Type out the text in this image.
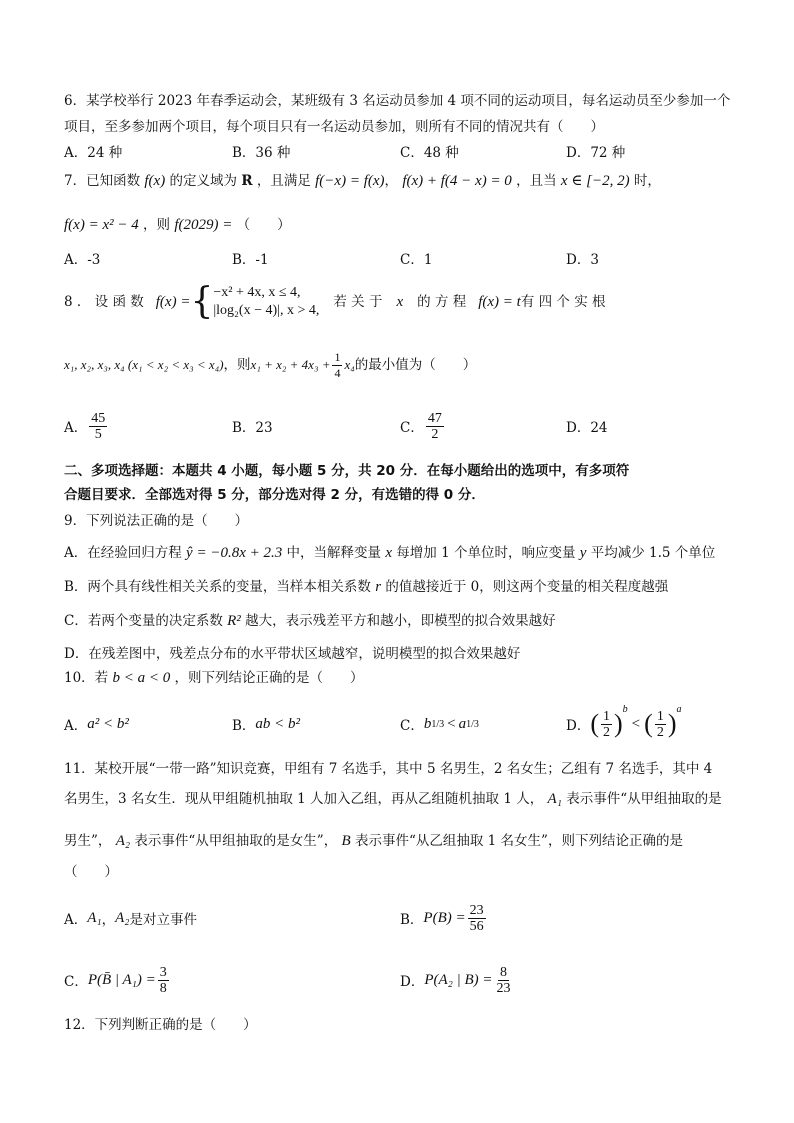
6．某学校举行 2023 年春季运动会，某班级有 3 名运动员参加 4 项不同的运动项目，每名运动员至少参加一个
项目，至多参加两个项目，每个项目只有一名运动员参加，则所有不同的情况共有（　　）
A．24 种	B．36 种	C．48 种	D．72 种
7．已知函数 f(x) 的定义域为 R ，且满足 f(−x) = f(x)， f(x) + f(4 − x) = 0 ，且当 x ∈ [−2, 2) 时，
f(x) = x² − 4 ，则 f(2029) = （　　）
A．-3	B．-1	C．1	D．3
8 ． 设 函 数 f(x) = { −x² + 4x, x ≤ 4,
|log₂(x − 4)|, x > 4,
若 关 于 x 的 方 程 f(x) = t 有 四 个 实 根
x₁, x₂, x₃, x₄ (x₁ < x₂ < x₃ < x₄) ，则 $x_1 + x_2 + 4x_3 + \frac{1}{4} x_4$ 的最小值为（　　）
A． $\frac{45}{5}$	B．23	C． $\frac{47}{2}$	D．24
二、多项选择题：本题共 4 小题，每小题 5 分，共 20 分．在每小题给出的选项中，有多项符
合题目要求．全部选对得 5 分，部分选对得 2 分，有选错的得 0 分．
9．下列说法正确的是（　　）
A．在经验回归方程 ŷ = −0.8x + 2.3 中，当解释变量 x 每增加 1 个单位时，响应变量 y 平均减少 1.5 个单位
B．两个具有线性相关关系的变量，当样本相关系数 r 的值越接近于 0，则这两个变量的相关程度越强
C．若两个变量的决定系数 R² 越大，表示残差平方和越小，即模型的拟合效果越好
D．在残差图中，残差点分布的水平带状区域越窄，说明模型的拟合效果越好
10．若 b < a < 0 ，则下列结论正确的是（　　）
A． a² < b²	B． ab < b²	C． b 1/3 < a 1/3	D． ( $\frac{1}{2}$ ) b
< ( $\frac{1}{2}$ ) a
11．某校开展“一带一路”知识竞赛，甲组有 7 名选手，其中 5 名男生，2 名女生；乙组有 7 名选手，其中 4
名男生，3 名女生．现从甲组随机抽取 1 人加入乙组，再从乙组随机抽取 1 人， A₁ 表示事件“从甲组抽取的是
男生”， A₂ 表示事件“从甲组抽取的是女生”， B 表示事件“从乙组抽取 1 名女生”，则下列结论正确的是
（　　）
A． A₁ ， A₂ 是对立事件	B． $P(B) = \frac{23}{56}$
C． P(B̄ | $A_1) = \frac{3}{8}$	D． P(A₂ | $B) = \frac{8}{23}$
12．下列判断正确的是（　　）
